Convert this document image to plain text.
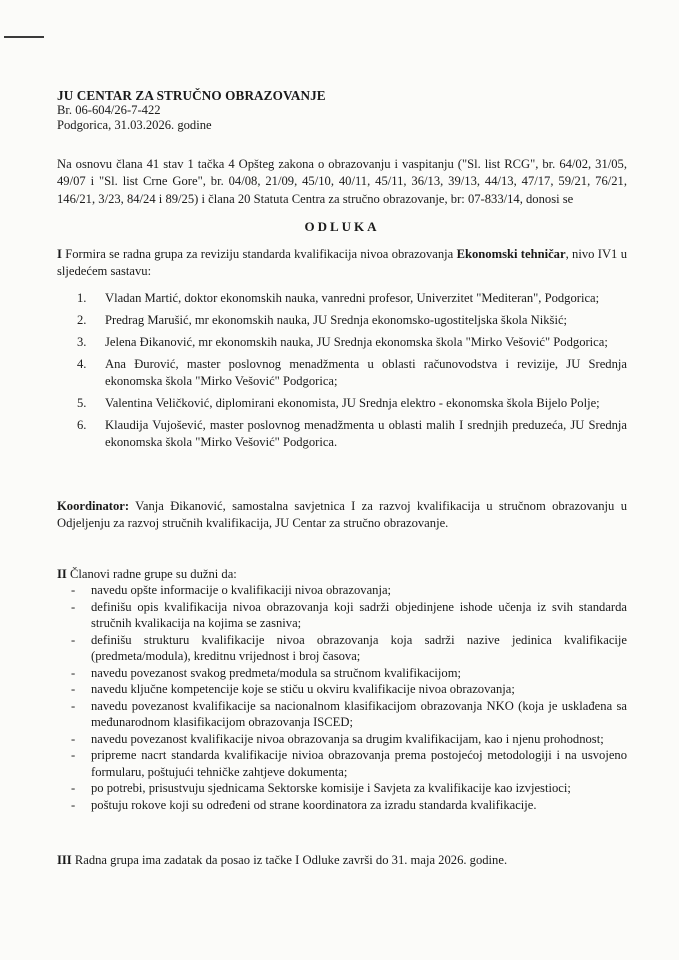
JU CENTAR ZA STRUČNO OBRAZOVANJE
Br. 06-604/26-7-422
Podgorica, 31.03.2026. godine
Na osnovu člana 41 stav 1 tačka 4 Opšteg zakona o obrazovanju i vaspitanju ("Sl. list RCG", br. 64/02, 31/05, 49/07 i "Sl. list Crne Gore", br. 04/08, 21/09, 45/10, 40/11, 45/11, 36/13, 39/13, 44/13, 47/17, 59/21, 76/21, 146/21, 3/23, 84/24 i 89/25) i člana 20 Statuta Centra za stručno obrazovanje, br: 07-833/14, donosi se
ODLUKA
I Formira se radna grupa za reviziju standarda kvalifikacija nivoa obrazovanja Ekonomski tehničar, nivo IV1 u sljedećem sastavu:
1. Vladan Martić, doktor ekonomskih nauka, vanredni profesor, Univerzitet "Mediteran", Podgorica;
2. Predrag Marušić, mr ekonomskih nauka, JU Srednja ekonomsko-ugostiteljska škola Nikšić;
3. Jelena Đikanović, mr ekonomskih nauka, JU Srednja ekonomska škola "Mirko Vešović" Podgorica;
4. Ana Đurović, master poslovnog menadžmenta u oblasti računovodstva i revizije, JU Srednja ekonomska škola "Mirko Vešović" Podgorica;
5. Valentina Veličković, diplomirani ekonomista, JU Srednja elektro - ekonomska škola Bijelo Polje;
6. Klaudija Vujošević, master poslovnog menadžmenta u oblasti malih I srednjih preduzeća, JU Srednja ekonomska škola "Mirko Vešović" Podgorica.
Koordinator: Vanja Đikanović, samostalna savjetnica I za razvoj kvalifikacija u stručnom obrazovanju u Odjeljenju za razvoj stručnih kvalifikacija, JU Centar za stručno obrazovanje.
II Članovi radne grupe su dužni da:
- navedu opšte informacije o kvalifikaciji nivoa obrazovanja;
- definišu opis kvalifikacija nivoa obrazovanja koji sadrži objedinjene ishode učenja iz svih standarda stručnih kvalikacija na kojima se zasniva;
- definišu strukturu kvalifikacije nivoa obrazovanja koja sadrži nazive jedinica kvalifikacije (predmeta/modula), kreditnu vrijednost i broj časova;
- navedu povezanost svakog predmeta/modula sa stručnom kvalifikacijom;
- navedu ključne kompetencije koje se stiču u okviru kvalifikacije nivoa obrazovanja;
- navedu povezanost kvalifikacije sa nacionalnom klasifikacijom obrazovanja NKO (koja je usklađena sa međunarodnom klasifikacijom obrazovanja ISCED;
- navedu povezanost kvalifikacije nivoa obrazovanja sa drugim kvalifikacijam, kao i njenu prohodnost;
- pripreme nacrt standarda kvalifikacije nivioa obrazovanja prema postojećoj metodologiji i na usvojeno formularu, poštujući tehničke zahtjeve dokumenta;
- po potrebi, prisustvuju sjednicama Sektorske komisije i Savjeta za kvalifikacije kao izvjestioci;
- poštuju rokove koji su određeni od strane koordinatora za izradu standarda kvalifikacije.
III Radna grupa ima zadatak da posao iz tačke I Odluke završi do 31. maja 2026. godine.
